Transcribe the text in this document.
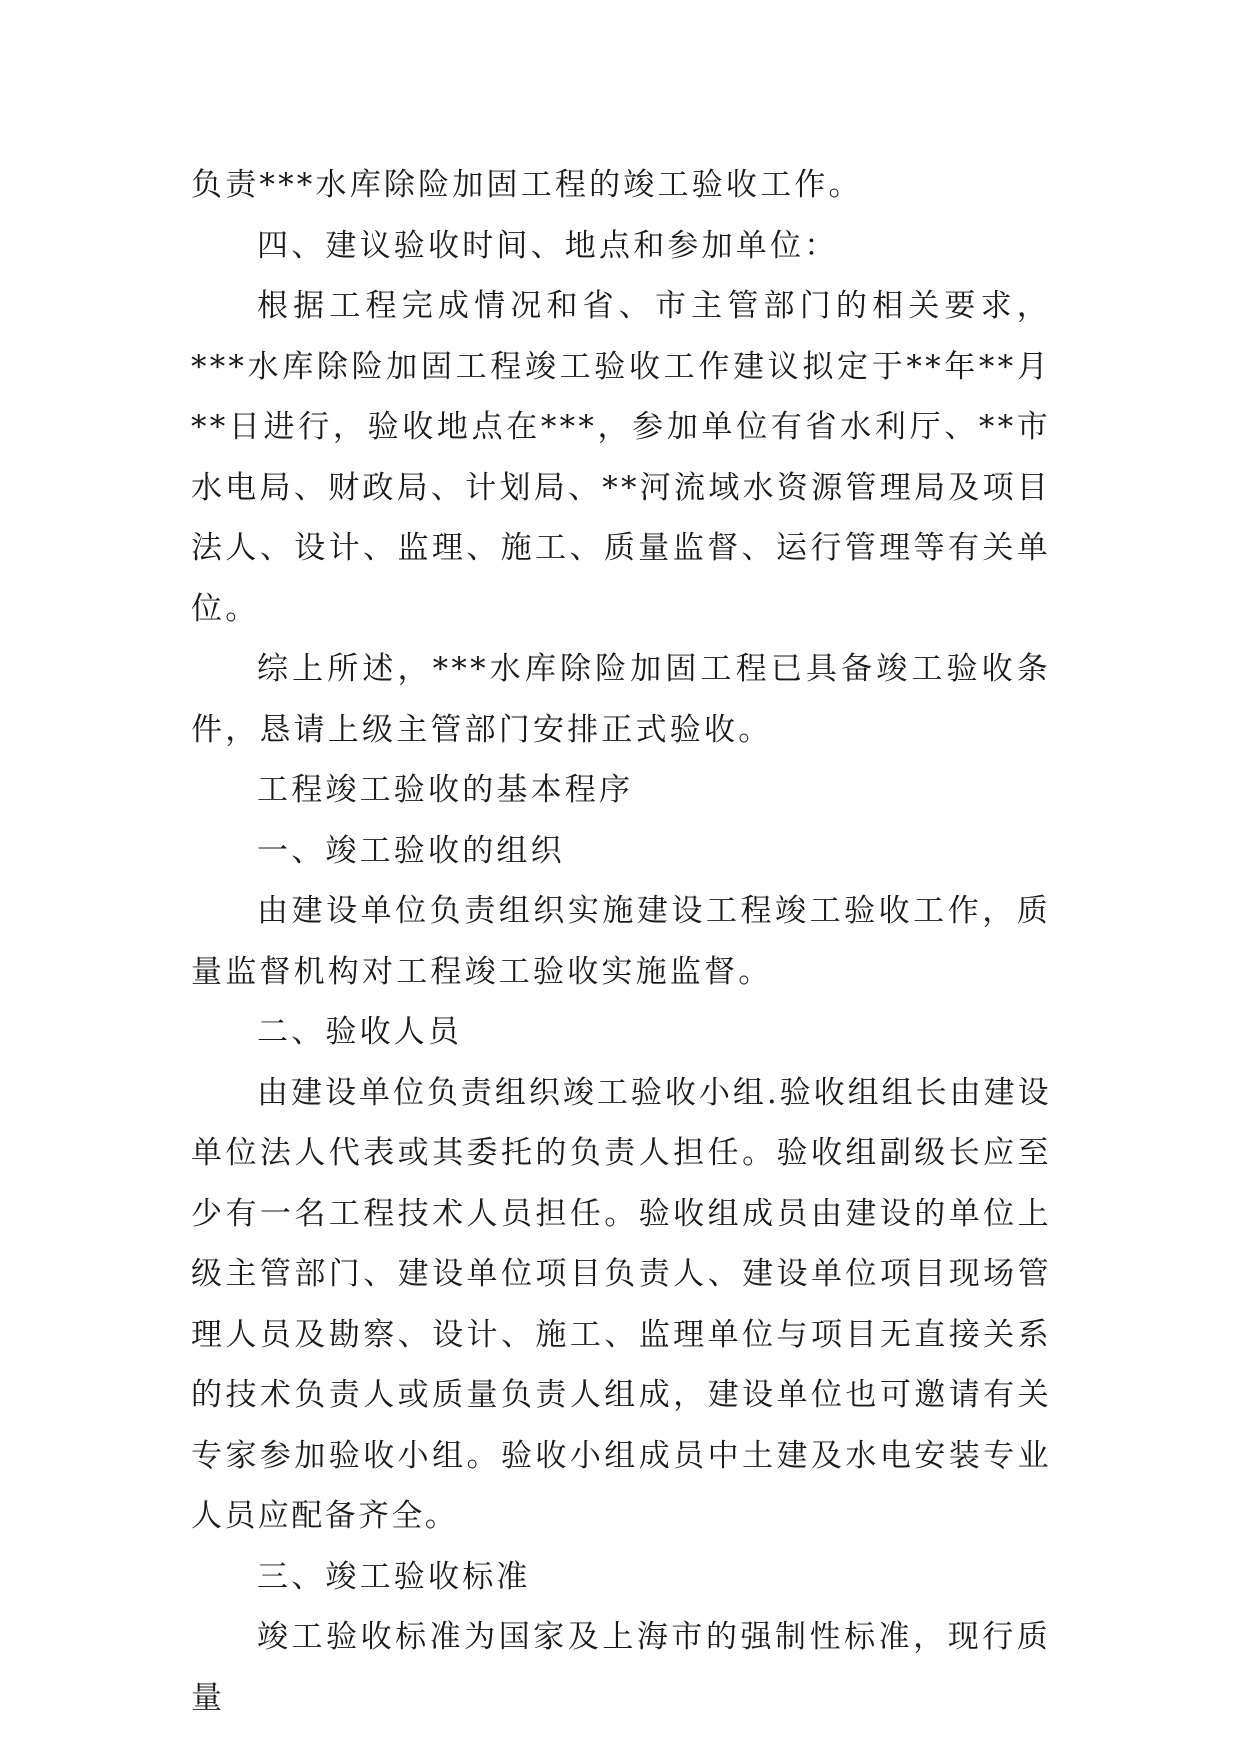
负责***水库除险加固工程的竣工验收工作。

四、建议验收时间、地点和参加单位：

根据工程完成情况和省、市主管部门的相关要求，***水库除险加固工程竣工验收工作建议拟定于**年**月**日进行，验收地点在***，参加单位有省水利厅、**市水电局、财政局、计划局、**河流域水资源管理局及项目法人、设计、监理、施工、质量监督、运行管理等有关单位。

综上所述，***水库除险加固工程已具备竣工验收条件，恳请上级主管部门安排正式验收。

工程竣工验收的基本程序

一、竣工验收的组织

由建设单位负责组织实施建设工程竣工验收工作，质量监督机构对工程竣工验收实施监督。

二、验收人员

由建设单位负责组织竣工验收小组.验收组组长由建设单位法人代表或其委托的负责人担任。验收组副级长应至少有一名工程技术人员担任。验收组成员由建设的单位上级主管部门、建设单位项目负责人、建设单位项目现场管理人员及勘察、设计、施工、监理单位与项目无直接关系的技术负责人或质量负责人组成，建设单位也可邀请有关专家参加验收小组。验收小组成员中土建及水电安装专业人员应配备齐全。

三、竣工验收标准

竣工验收标准为国家及上海市的强制性标准，现行质量
